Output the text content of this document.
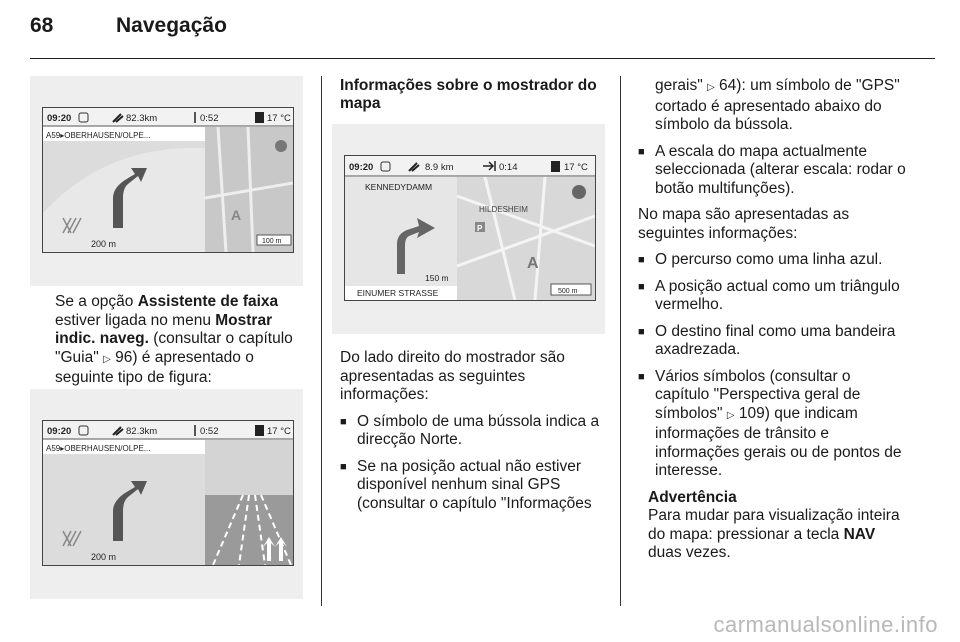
68	Navegação
09:20	82.3km	0:52	17 °C
A59▸OBERHAUSEN/OLPE...
200 m
A
100 m
Se a opção Assistente de faixa estiver ligada no menu Mostrar indic. naveg. (consultar o capítulo "Guia" ▷ 96) é apresentado o seguinte tipo de figura:
09:20	82.3km	0:52	17 °C
A59▸OBERHAUSEN/OLPE...
200 m
Informações sobre o mostrador do mapa
09:20	8.9 km	0:14	17 °C
KENNEDYDAMM
150 m
EINUMER STRASSE
HILDESHEIM
P
A
500 m

Do lado direito do mostrador são apresentadas as seguintes informações:

■ O símbolo de uma bússola indica a direcção Norte.
■ Se na posição actual não estiver disponível nenhum sinal GPS (consultar o capítulo "Informações
gerais" ▷ 64): um símbolo de "GPS" cortado é apresentado abaixo do símbolo da bússola.
■ A escala do mapa actualmente seleccionada (alterar escala: rodar o botão multifunções).

No mapa são apresentadas as seguintes informações:

■ O percurso como uma linha azul.
■ A posição actual como um triângulo vermelho.
■ O destino final como uma bandeira axadrezada.
■ Vários símbolos (consultar o capítulo "Perspectiva geral de símbolos" ▷ 109) que indicam informações de trânsito e informações gerais ou de pontos de interesse.
Advertência
Para mudar para visualização inteira do mapa: pressionar a tecla NAV duas vezes.
carmanualsonline.info
